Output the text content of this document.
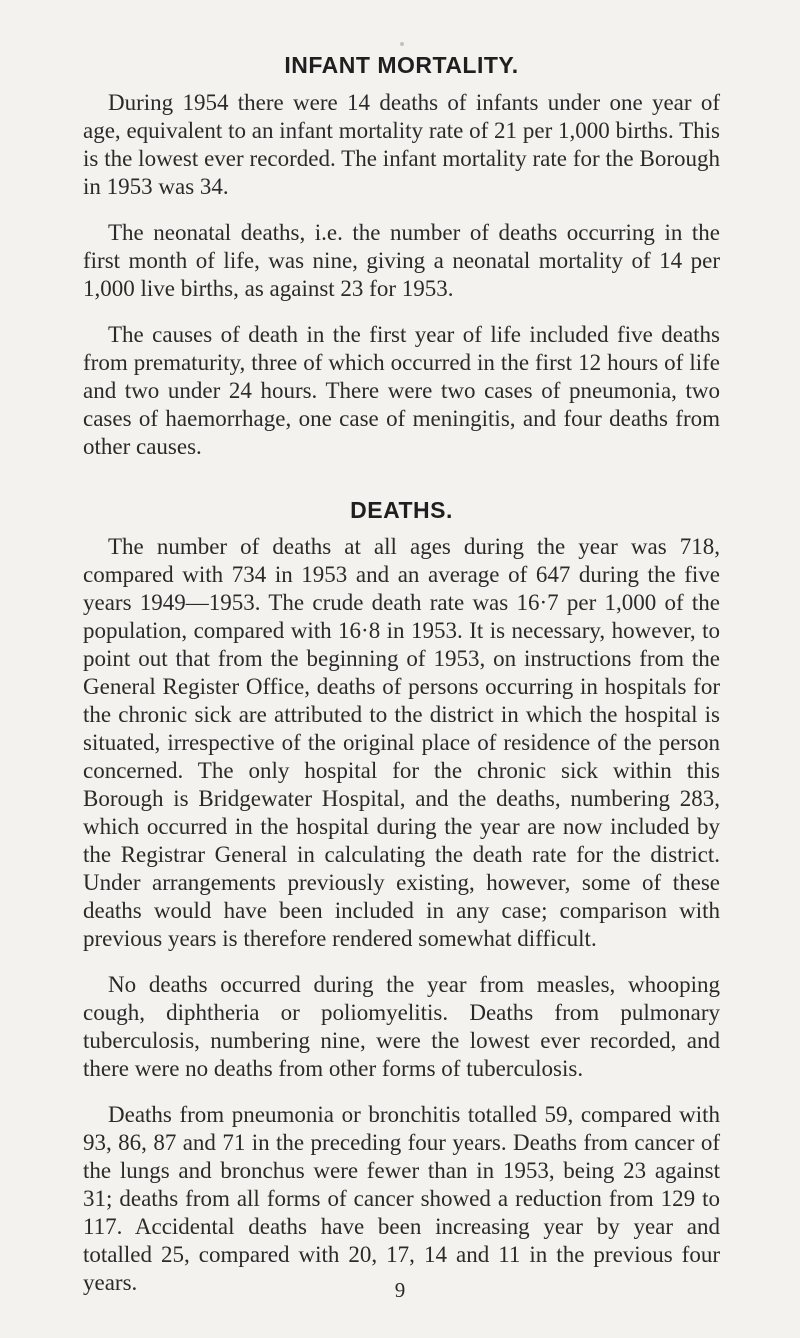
INFANT MORTALITY.

During 1954 there were 14 deaths of infants under one year of age, equivalent to an infant mortality rate of 21 per 1,000 births. This is the lowest ever recorded. The infant mortality rate for the Borough in 1953 was 34.

The neonatal deaths, i.e. the number of deaths occurring in the first month of life, was nine, giving a neonatal mortality of 14 per 1,000 live births, as against 23 for 1953.

The causes of death in the first year of life included five deaths from prematurity, three of which occurred in the first 12 hours of life and two under 24 hours. There were two cases of pneumonia, two cases of haemorrhage, one case of meningitis, and four deaths from other causes.

DEATHS.

The number of deaths at all ages during the year was 718, compared with 734 in 1953 and an average of 647 during the five years 1949—1953. The crude death rate was 16·7 per 1,000 of the population, compared with 16·8 in 1953. It is necessary, however, to point out that from the beginning of 1953, on instructions from the General Register Office, deaths of persons occurring in hospitals for the chronic sick are attributed to the district in which the hospital is situated, irrespective of the original place of residence of the person concerned. The only hospital for the chronic sick within this Borough is Bridgewater Hospital, and the deaths, numbering 283, which occurred in the hospital during the year are now included by the Registrar General in calculating the death rate for the district. Under arrangements previously existing, however, some of these deaths would have been included in any case; comparison with previous years is therefore rendered somewhat difficult.

No deaths occurred during the year from measles, whooping cough, diphtheria or poliomyelitis. Deaths from pulmonary tuberculosis, numbering nine, were the lowest ever recorded, and there were no deaths from other forms of tuberculosis.

Deaths from pneumonia or bronchitis totalled 59, compared with 93, 86, 87 and 71 in the preceding four years. Deaths from cancer of the lungs and bronchus were fewer than in 1953, being 23 against 31; deaths from all forms of cancer showed a reduction from 129 to 117. Accidental deaths have been increasing year by year and totalled 25, compared with 20, 17, 14 and 11 in the previous four years.	9
